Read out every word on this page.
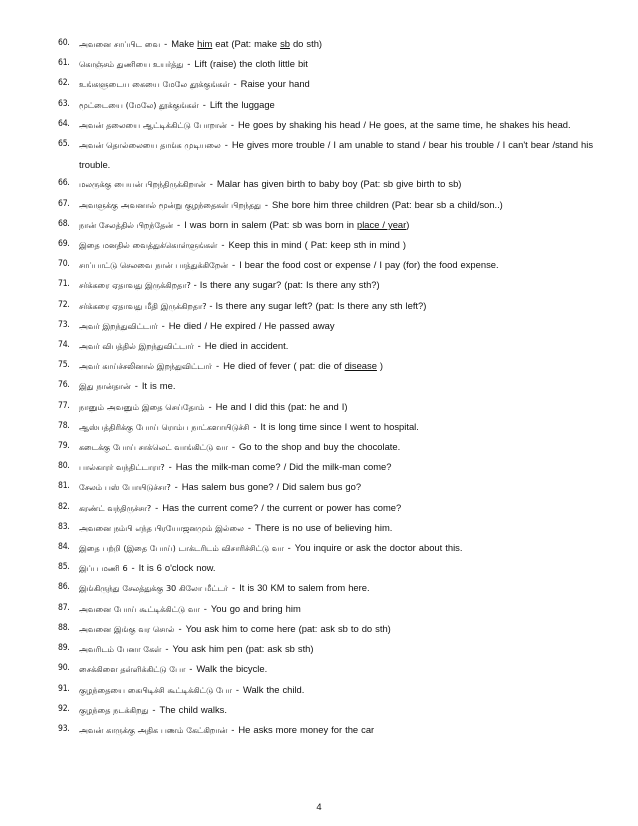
60. அவனை சாப்பிட வை - Make him eat (Pat: make sb do sth)
61. கொஞ்சம் துணியை உயர்த்து - Lift (raise) the cloth little bit
62. உங்களுடைய கையை மேலே தூக்குங்கள் - Raise your hand
63. மூட்டையை (மேலே) தூக்குங்கள் - Lift the luggage
64. அவன் தலையை ஆட்டிக்கிட்டு போறான் - He goes by shaking his head / He goes, at the same time, he shakes his head.
65. அவன் தொல்லையை தாங்க முடியலை - He gives more trouble / I am unable to stand / bear his trouble / I can't bear /stand his trouble.
66. மலருக்கு பையன் பிறந்திருக்கிறான் - Malar has given birth to baby boy (Pat: sb give birth to sb)
67. அவளுக்கு அவனால் மூன்று குழந்தைகள் பிறந்தது - She bore him three children (Pat: bear sb a child/son..)
68. நான் சேலத்தில் பிறந்தேன் - I was born in salem (Pat: sb was born in place / year)
69. இதை மனதில் வைத்துக்கொள்ளுங்கள் - Keep this in mind ( Pat: keep sth in mind )
70. சாப்பாட்டு செலவை நான் பாத்துக்கிறேன் - I bear the food cost or expense / I pay (for) the food expense.
71. சர்க்கரை ஏதாவது இருக்கிறதா? - Is there any sugar? (pat: Is there any sth?)
72. சர்க்கரை ஏதாவது மீதி இருக்கிறதா? - Is there any sugar left? (pat: Is there any sth left?)
73. அவர் இறந்துவிட்டார் - He died / He expired / He passed away
74. அவர் விபத்தில் இறந்துவிட்டார் - He died in accident.
75. அவர் காய்ச்சலினால் இறந்துவிட்டார் - He died of fever ( pat: die of disease )
76. இது நான்தான் - It is me.
77. நானும் அவனும் இதை செய்தோம் - He and I did this (pat: he and I)
78. ஆஸ்பத்திரிக்கு போய் ரொம்ப நாட்களாயிடுச்சி - It is long time since I went to hospital.
79. கடைக்கு போய் சாக்லெட் வாங்கிட்டு வா - Go to the shop and buy the chocolate.
80. பால்காரர் வந்திட்டாரா? - Has the milk-man come? / Did the milk-man come?
81. சேலம் பஸ் போயிடுச்சா? - Has salem bus gone? / Did salem bus go?
82. கரண்ட் வந்திருச்சா? - Has the current come? / the current or power has come?
83. அவனை நம்பி எந்த பிரயோஜனமும் இல்லை - There is no use of believing him.
84. இதை பற்றி (இதை போய்) டாக்டரிடம் விசாரிச்சிட்டு வா - You inquire or ask the doctor about this.
85. இப்ப மணி 6 - It is 6 o'clock now.
86. இங்கிருந்து சேலத்துக்கு 30 கிலோ மீட்டர் - It is 30 KM to salem from here.
87. அவனை போய் கூட்டிக்கிட்டு வா - You go and bring him
88. அவனை இங்கு வர சொல் - You ask him to come here (pat: ask sb to do sth)
89. அவரிடம் பேனா கேள் - You ask him pen (pat: ask sb sth)
90. சைக்கிளை தள்ளிக்கிட்டு போ - Walk the bicycle.
91. குழந்தையை கைபிடிச்சி கூட்டிக்கிட்டு போ - Walk the child.
92. குழந்தை நடக்கிறது - The child walks.
93. அவன் காருக்கு அதிக பணம் கேட்கிறான் - He asks more money for the car
4
